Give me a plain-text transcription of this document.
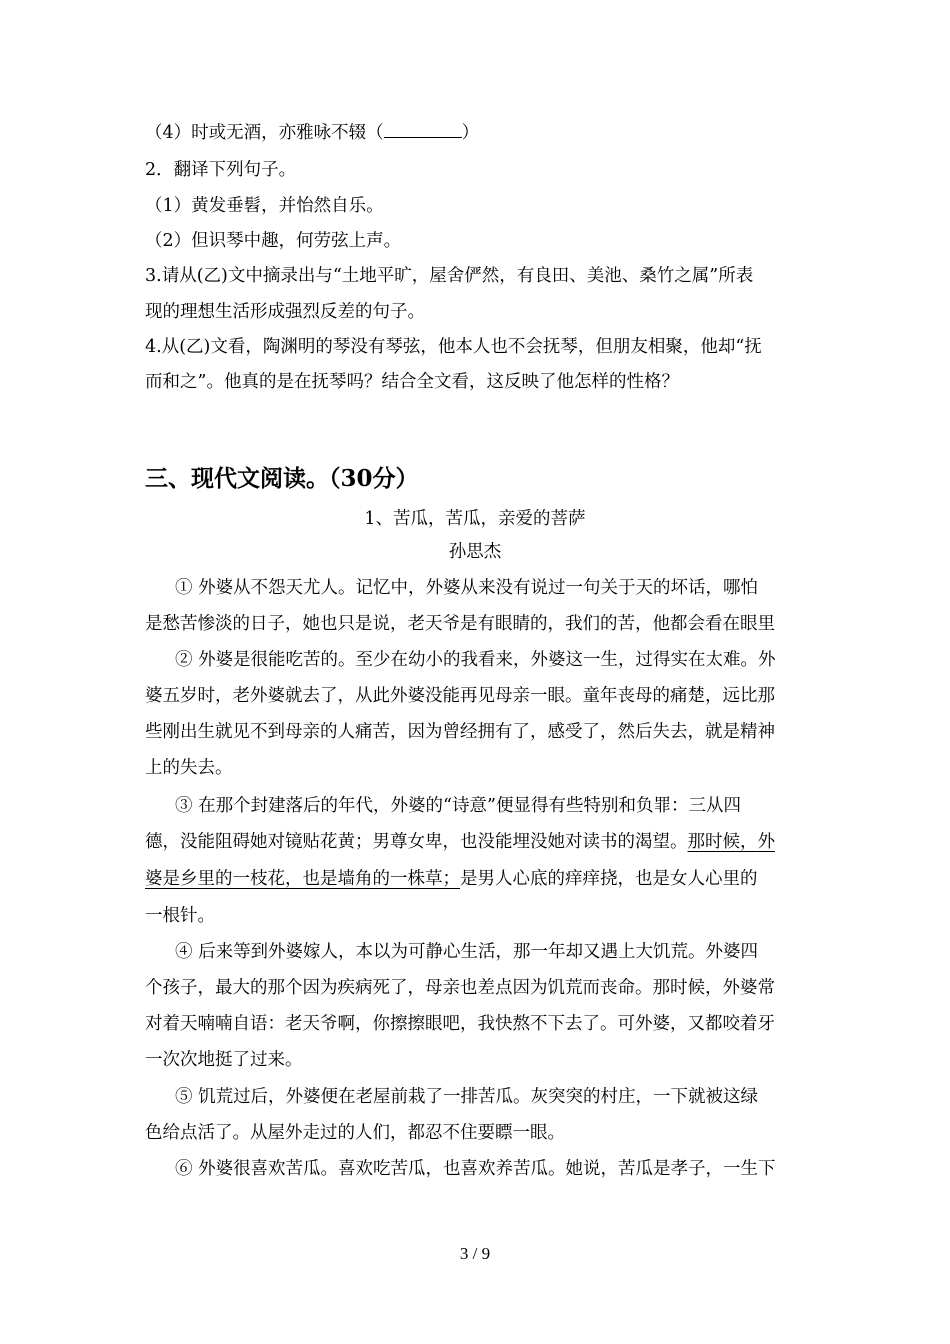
（4）时或无酒，亦雅咏不辍（	）
2．翻译下列句子。
（1）黄发垂髫，并怡然自乐。
（2）但识琴中趣，何劳弦上声。
3.请从(乙)文中摘录出与“土地平旷，屋舍俨然，有良田、美池、桑竹之属”所表
现的理想生活形成强烈反差的句子。
4.从(乙)文看，陶渊明的琴没有琴弦，他本人也不会抚琴，但朋友相聚，他却“抚
而和之”。他真的是在抚琴吗？结合全文看，这反映了他怎样的性格？
三、现代文阅读。（30分）
1、苦瓜，苦瓜，亲爱的菩萨
孙思杰
① 外婆从不怨天尤人。记忆中，外婆从来没有说过一句关于天的坏话，哪怕
是愁苦惨淡的日子，她也只是说，老天爷是有眼睛的，我们的苦，他都会看在眼里
② 外婆是很能吃苦的。至少在幼小的我看来，外婆这一生，过得实在太难。外
婆五岁时，老外婆就去了，从此外婆没能再见母亲一眼。童年丧母的痛楚，远比那
些刚出生就见不到母亲的人痛苦，因为曾经拥有了，感受了，然后失去，就是精神
上的失去。
③ 在那个封建落后的年代，外婆的“诗意”便显得有些特别和负罪：三从四
德，没能阻碍她对镜贴花黄；男尊女卑，也没能埋没她对读书的渴望。那时候，外
婆是乡里的一枝花，也是墙角的一株草；是男人心底的痒痒挠，也是女人心里的
一根针。
④ 后来等到外婆嫁人，本以为可静心生活，那一年却又遇上大饥荒。外婆四
个孩子，最大的那个因为疾病死了，母亲也差点因为饥荒而丧命。那时候，外婆常
对着天喃喃自语：老天爷啊，你擦擦眼吧，我快熬不下去了。可外婆，又都咬着牙
一次次地挺了过来。
⑤ 饥荒过后，外婆便在老屋前栽了一排苦瓜。灰突突的村庄，一下就被这绿
色给点活了。从屋外走过的人们，都忍不住要瞟一眼。
⑥ 外婆很喜欢苦瓜。喜欢吃苦瓜，也喜欢养苦瓜。她说，苦瓜是孝子，一生下
3 / 9
